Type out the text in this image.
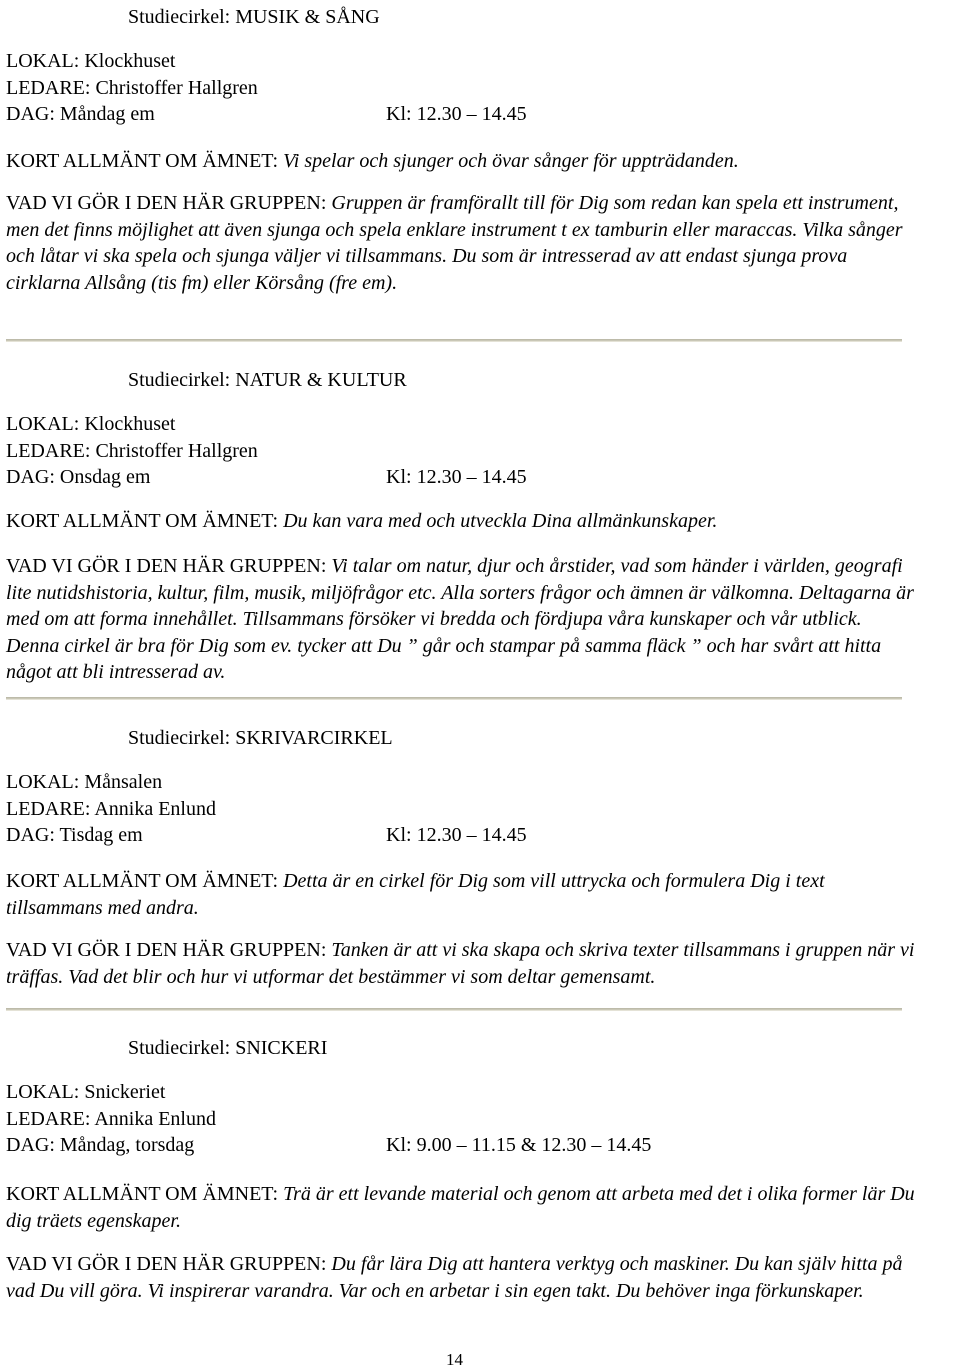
Studiecirkel: MUSIK & SÅNG
LOKAL: Klockhuset
LEDARE: Christoffer Hallgren
DAG: Måndag em	Kl: 12.30 – 14.45
KORT ALLMÄNT OM ÄMNET: Vi spelar och sjunger och övar sånger för uppträdanden.
VAD VI GÖR I DEN HÄR GRUPPEN: Gruppen är framförallt till för Dig som redan kan spela ett instrument, men det finns möjlighet att även sjunga och spela enklare instrument t ex tamburin eller maraccas. Vilka sånger och låtar vi ska spela och sjunga väljer vi tillsammans. Du som är intresserad av att endast sjunga prova cirklarna Allsång (tis fm) eller Körsång (fre em).
Studiecirkel: NATUR & KULTUR
LOKAL: Klockhuset
LEDARE: Christoffer Hallgren
DAG: Onsdag em	Kl: 12.30 – 14.45
KORT ALLMÄNT OM ÄMNET: Du kan vara med och utveckla Dina allmänkunskaper.
VAD VI GÖR I DEN HÄR GRUPPEN: Vi talar om natur, djur och årstider, vad som händer i världen, geografi lite nutidshistoria, kultur, film, musik, miljöfrågor etc. Alla sorters frågor och ämnen är välkomna. Deltagarna är med om att forma innehållet. Tillsammans försöker vi bredda och fördjupa våra kunskaper och vår utblick. Denna cirkel är bra för Dig som ev. tycker att Du ” går och stampar på samma fläck ” och har svårt att hitta något att bli intresserad av.
Studiecirkel: SKRIVARCIRKEL
LOKAL: Månsalen
LEDARE: Annika Enlund
DAG: Tisdag em	Kl: 12.30 – 14.45
KORT ALLMÄNT OM ÄMNET: Detta är en cirkel för Dig som vill uttrycka och formulera Dig i text tillsammans med andra.
VAD VI GÖR I DEN HÄR GRUPPEN: Tanken är att vi ska skapa och skriva texter tillsammans i gruppen när vi träffas. Vad det blir och hur vi utformar det bestämmer vi som deltar gemensamt.
Studiecirkel: SNICKERI
LOKAL: Snickeriet
LEDARE: Annika Enlund
DAG: Måndag, torsdag	Kl: 9.00 – 11.15 & 12.30 – 14.45
KORT ALLMÄNT OM ÄMNET: Trä är ett levande material och genom att arbeta med det i olika former lär Du dig träets egenskaper.
VAD VI GÖR I DEN HÄR GRUPPEN: Du får lära Dig att hantera verktyg och maskiner. Du kan själv hitta på vad Du vill göra. Vi inspirerar varandra. Var och en arbetar i sin egen takt. Du behöver inga förkunskaper.
14
